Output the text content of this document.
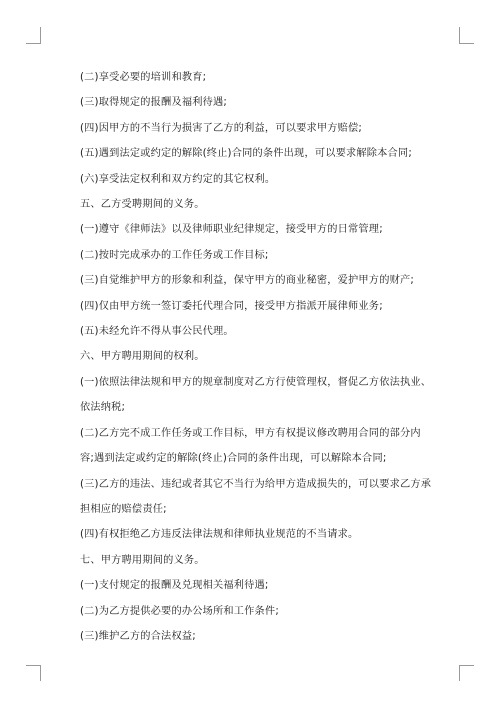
(二)享受必要的培训和教育;

(三)取得规定的报酬及福利待遇;

(四)因甲方的不当行为损害了乙方的利益，可以要求甲方赔偿;

(五)遇到法定或约定的解除(终止)合同的条件出现，可以要求解除本合同;

(六)享受法定权利和双方约定的其它权利。

五、乙方受聘期间的义务。

(一)遵守《律师法》以及律师职业纪律规定，接受甲方的日常管理;

(二)按时完成承办的工作任务或工作目标;

(三)自觉维护甲方的形象和利益，保守甲方的商业秘密，爱护甲方的财产;

(四)仅由甲方统一签订委托代理合同，接受甲方指派开展律师业务;

(五)未经允许不得从事公民代理。

六、甲方聘用期间的权利。

(一)依照法律法规和甲方的规章制度对乙方行使管理权，督促乙方依法执业、依法纳税;

(二)乙方完不成工作任务或工作目标，甲方有权提议修改聘用合同的部分内容;遇到法定或约定的解除(终止)合同的条件出现，可以解除本合同;

(三)乙方的违法、违纪或者其它不当行为给甲方造成损失的，可以要求乙方承担相应的赔偿责任;

(四)有权拒绝乙方违反法律法规和律师执业规范的不当请求。

七、甲方聘用期间的义务。

(一)支付规定的报酬及兑现相关福利待遇;

(二)为乙方提供必要的办公场所和工作条件;

(三)维护乙方的合法权益;
